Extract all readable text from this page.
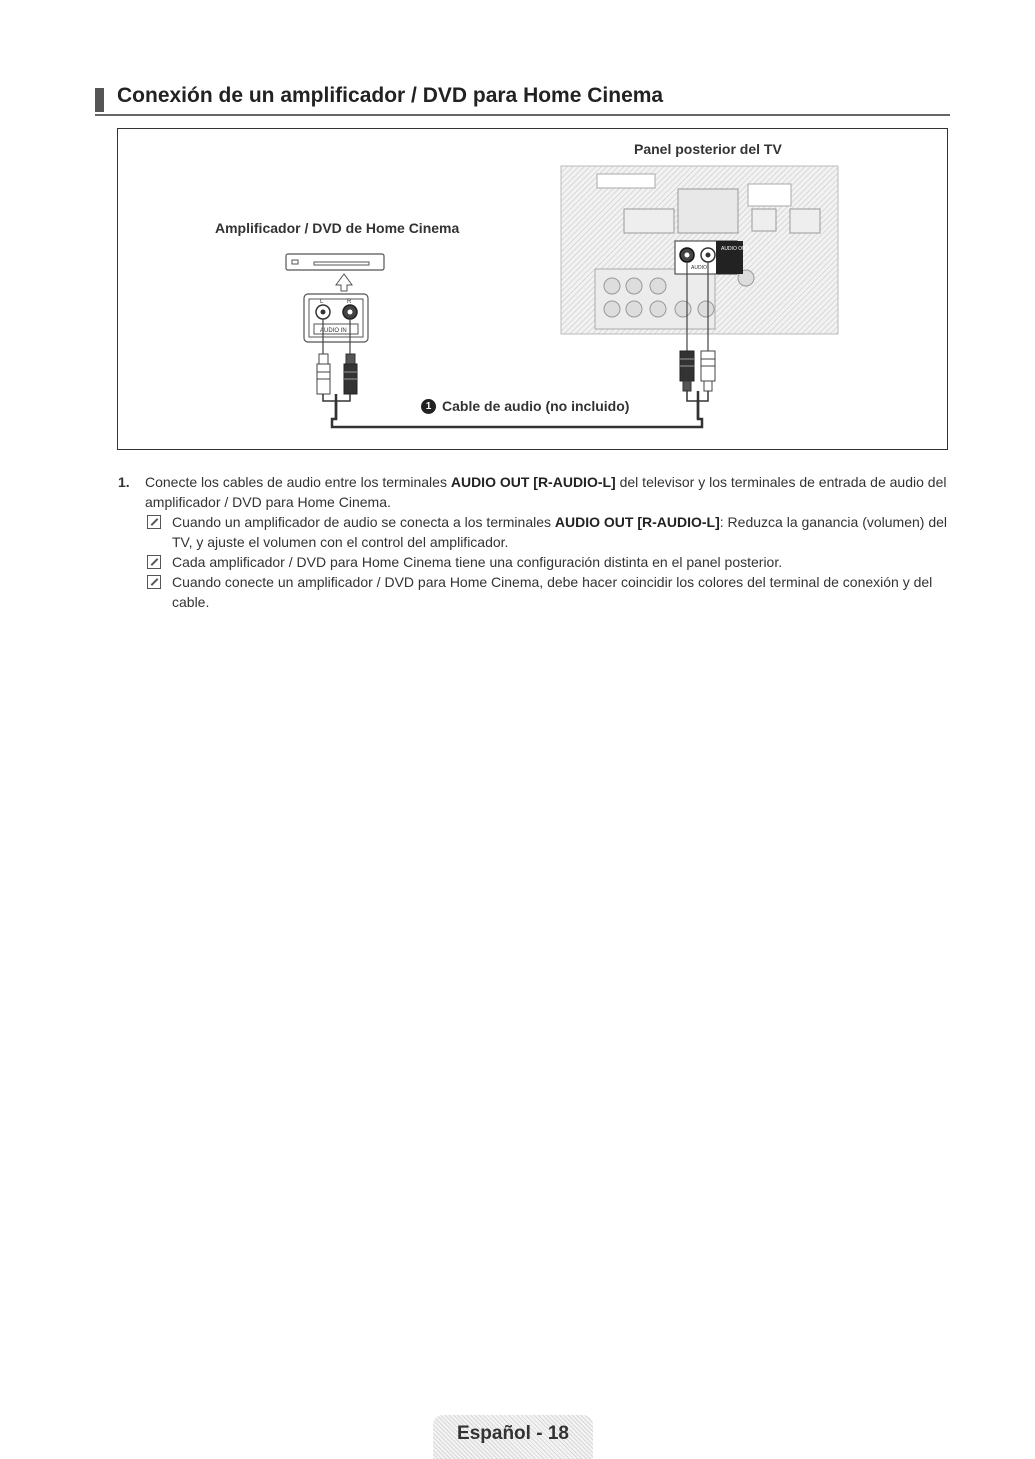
Conexión de un amplificador / DVD para Home Cinema
L	R
AUDIO IN
AUDIO OUT
AUDIO
Amplificador / DVD de Home Cinema
Panel posterior del TV
1 Cable de audio (no incluido)
1. Conecte los cables de audio entre los terminales AUDIO OUT [R-AUDIO-L] del televisor y los terminales de entrada de audio del amplificador / DVD para Home Cinema.
Cuando un amplificador de audio se conecta a los terminales AUDIO OUT [R-AUDIO-L]: Reduzca la ganancia (volumen) del TV, y ajuste el volumen con el control del amplificador.
Cada amplificador / DVD para Home Cinema tiene una configuración distinta en el panel posterior.
Cuando conecte un amplificador / DVD para Home Cinema, debe hacer coincidir los colores del terminal de conexión y del cable.
Español - 18
